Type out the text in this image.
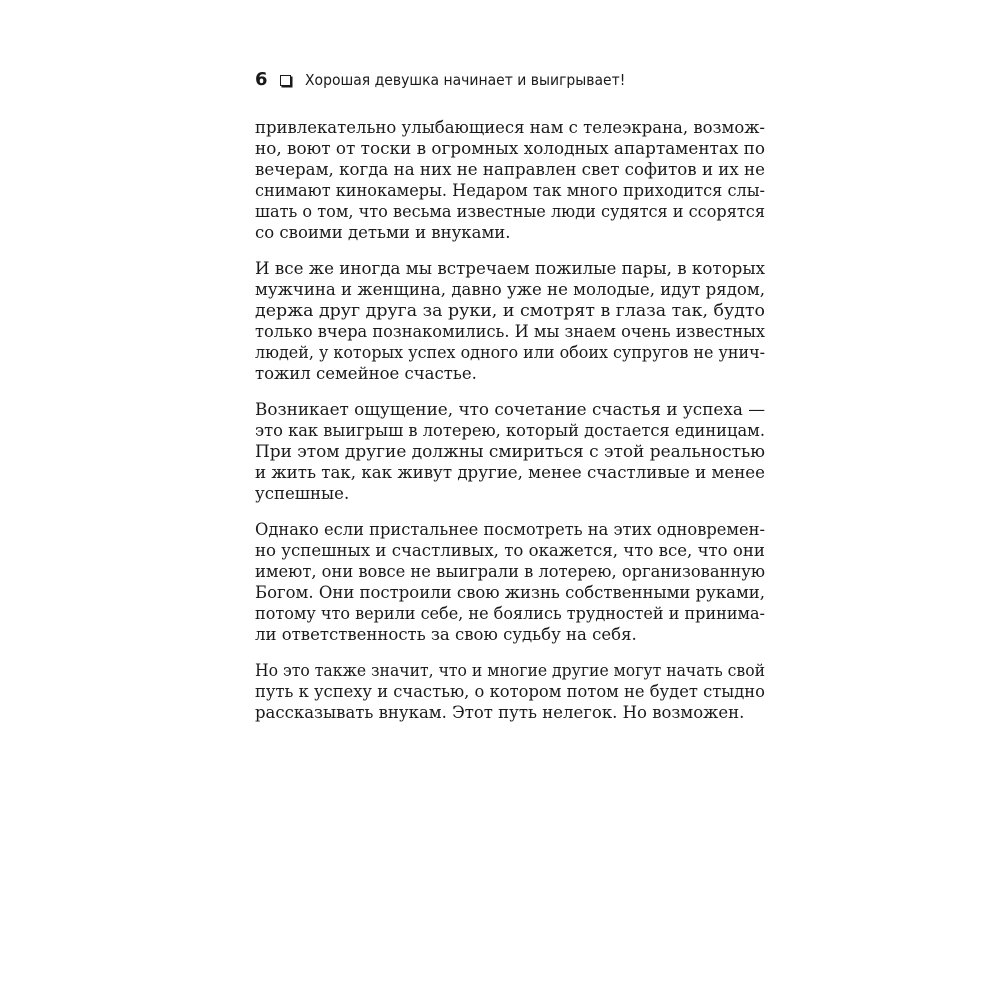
6 Хорошая девушка начинает и выигрывает!

привлекательно улыбающиеся нам с телеэкрана, возмож-
но, воют от тоски в огромных холодных апартаментах по
вечерам, когда на них не направлен свет софитов и их не
снимают кинокамеры. Недаром так много приходится слы-
шать о том, что весьма известные люди судятся и ссорятся
со своими детьми и внуками.

И все же иногда мы встречаем пожилые пары, в которых
мужчина и женщина, давно уже не молодые, идут рядом,
держа друг друга за руки, и смотрят в глаза так, будто
только вчера познакомились. И мы знаем очень известных
людей, у которых успех одного или обоих супругов не унич-
тожил семейное счастье.

Возникает ощущение, что сочетание счастья и успеха —
это как выигрыш в лотерею, который достается единицам.
При этом другие должны смириться с этой реальностью
и жить так, как живут другие, менее счастливые и менее
успешные.

Однако если пристальнее посмотреть на этих одновремен-
но успешных и счастливых, то окажется, что все, что они
имеют, они вовсе не выиграли в лотерею, организованную
Богом. Они построили свою жизнь собственными руками,
потому что верили себе, не боялись трудностей и принима-
ли ответственность за свою судьбу на себя.

Но это также значит, что и многие другие могут начать свой
путь к успеху и счастью, о котором потом не будет стыдно
рассказывать внукам. Этот путь нелегок. Но возможен.
